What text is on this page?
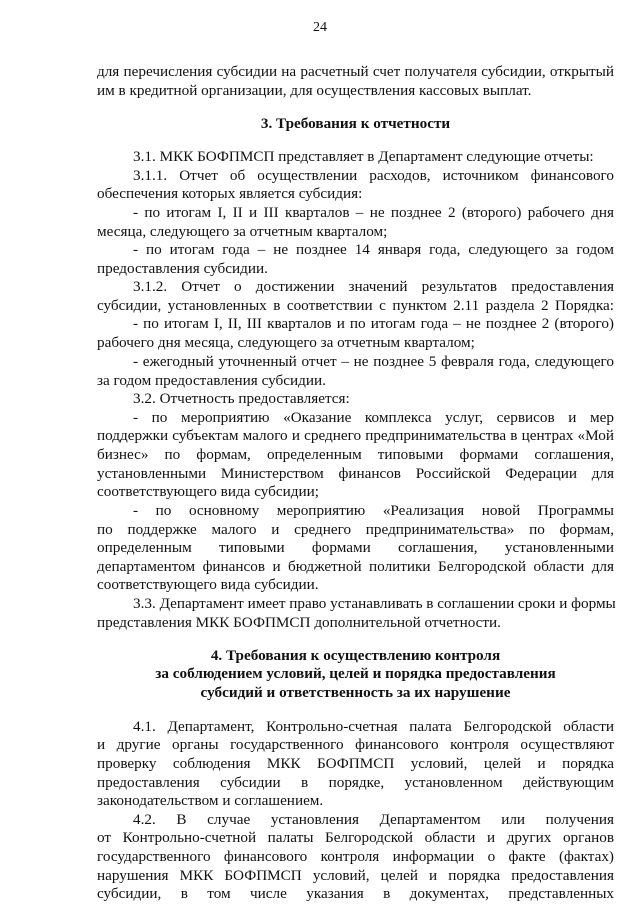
24
для перечисления субсидии на расчетный счет получателя субсидии, открытый
им в кредитной организации, для осуществления кассовых выплат.
3. Требования к отчетности
3.1. МКК БОФПМСП представляет в Департамент следующие отчеты:
3.1.1. Отчет об осуществлении расходов, источником финансового
обеспечения которых является субсидия:
- по итогам I, II и III кварталов – не позднее 2 (второго) рабочего дня
месяца, следующего за отчетным кварталом;
- по итогам года – не позднее 14 января года, следующего за годом
предоставления субсидии.
3.1.2. Отчет о достижении значений результатов предоставления
субсидии, установленных в соответствии с пунктом 2.11 раздела 2 Порядка:
- по итогам I, II, III кварталов и по итогам года – не позднее 2 (второго)
рабочего дня месяца, следующего за отчетным кварталом;
- ежегодный уточненный отчет – не позднее 5 февраля года, следующего
за годом предоставления субсидии.
3.2. Отчетность предоставляется:
- по мероприятию «Оказание комплекса услуг, сервисов и мер
поддержки субъектам малого и среднего предпринимательства в центрах «Мой
бизнес» по формам, определенным типовыми формами соглашения,
установленными Министерством финансов Российской Федерации для
соответствующего вида субсидии;
- по основному мероприятию «Реализация новой Программы
по поддержке малого и среднего предпринимательства» по формам,
определенным типовыми формами соглашения, установленными
департаментом финансов и бюджетной политики Белгородской области для
соответствующего вида субсидии.
3.3. Департамент имеет право устанавливать в соглашении сроки и формы
представления МКК БОФПМСП дополнительной отчетности.
4. Требования к осуществлению контроля
за соблюдением условий, целей и порядка предоставления
субсидий и ответственность за их нарушение
4.1. Департамент, Контрольно-счетная палата Белгородской области
и другие органы государственного финансового контроля осуществляют
проверку соблюдения МКК БОФПМСП условий, целей и порядка
предоставления субсидии в порядке, установленном действующим
законодательством и соглашением.
4.2. В случае установления Департаментом или получения
от Контрольно-счетной палаты Белгородской области и других органов
государственного финансового контроля информации о факте (фактах)
нарушения МКК БОФПМСП условий, целей и порядка предоставления
субсидии, в том числе указания в документах, представленных
